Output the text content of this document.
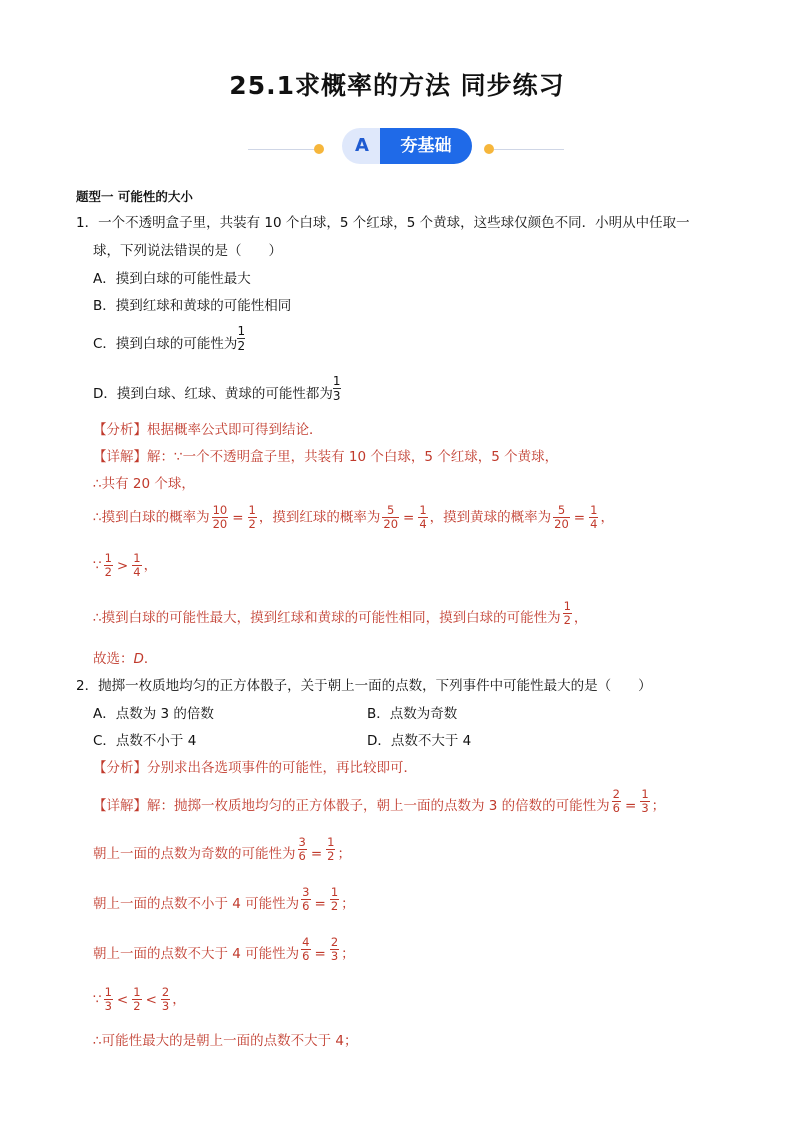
25.1求概率的方法 同步练习
A	夯基础
题型一 可能性的大小
1．一个不透明盒子里，共装有 10 个白球，5 个红球，5 个黄球，这些球仅颜色不同．小明从中任取一
球，下列说法错误的是（　　）
A．摸到白球的可能性最大
B．摸到红球和黄球的可能性相同
C．摸到白球的可能性为 $\frac{1}{2}$
D．摸到白球、红球、黄球的可能性都为 $\frac{1}{3}$
【分析】根据概率公式即可得到结论．
【详解】解：∵一个不透明盒子里，共装有 10 个白球，5 个红球，5 个黄球，
∴共有 20 个球，
∴摸到白球的概率为 $\frac{10}{20} = \frac{1}{2}$ ，摸到红球的概率为 $\frac{5}{20} = \frac{1}{4}$ ，摸到黄球的概率为 $\frac{5}{20} = \frac{1}{4}$ ，
∵ $\frac{1}{2} > \frac{1}{4}$ ，
∴摸到白球的可能性最大，摸到红球和黄球的可能性相同，摸到白球的可能性为 $\frac{1}{2}$ ，
故选：D．
2．抛掷一枚质地均匀的正方体骰子，关于朝上一面的点数，下列事件中可能性最大的是（　　）
A．点数为 3 的倍数	B．点数为奇数
C．点数不小于 4	D．点数不大于 4
【分析】分别求出各选项事件的可能性，再比较即可．
【详解】解：抛掷一枚质地均匀的正方体骰子，朝上一面的点数为 3 的倍数的可能性为 $\frac{2}{6} = \frac{1}{3}$ ；
朝上一面的点数为奇数的可能性为 $\frac{3}{6} = \frac{1}{2}$ ；
朝上一面的点数不小于 4 可能性为 $\frac{3}{6} = \frac{1}{2}$ ；
朝上一面的点数不大于 4 可能性为 $\frac{4}{6} = \frac{2}{3}$ ；
∵ $\frac{1}{3} < \frac{1}{2} < \frac{2}{3}$ ，
∴可能性最大的是朝上一面的点数不大于 4；
